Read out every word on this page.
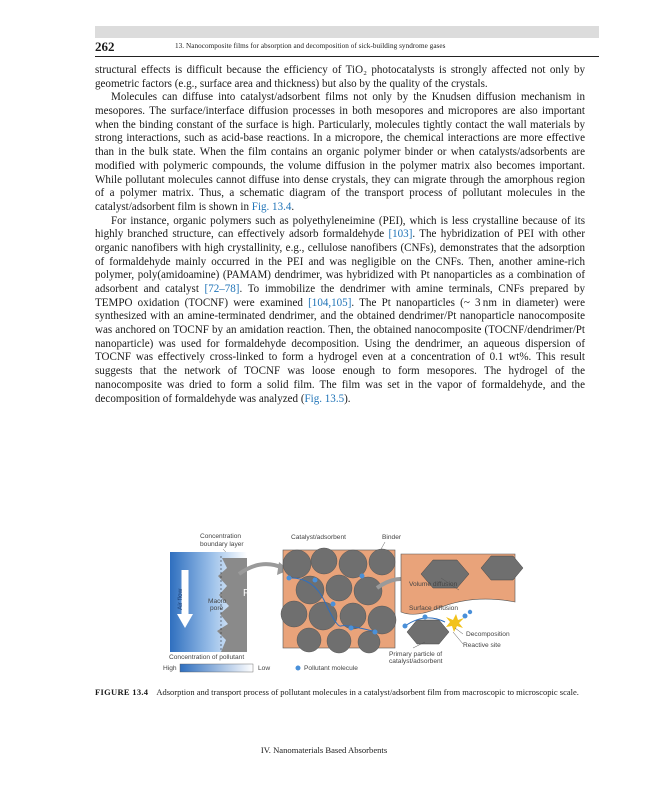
262	13. Nanocomposite films for absorption and decomposition of sick-building syndrome gases

structural effects is difficult because the efficiency of TiO₂ photocatalysts is strongly affected not only by geometric factors (e.g., surface area and thickness) but also by the quality of the crystals.

Molecules can diffuse into catalyst/adsorbent films not only by the Knudsen diffusion mechanism in mesopores. The surface/interface diffusion processes in both mesopores and micropores are also important when the binding constant of the surface is high. Particularly, molecules tightly contact the wall materials by strong interactions, such as acid-base reactions. In a micropore, the chemical interactions are more effective than in the bulk state. When the film contains an organic polymer binder or when catalysts/adsorbents are modified with polymeric compounds, the volume diffusion in the polymer matrix also becomes important. While pollutant molecules cannot diffuse into dense crystals, they can migrate through the amorphous region of a polymer matrix. Thus, a schematic diagram of the transport process of pollutant molecules in the catalyst/adsorbent film is shown in Fig. 13.4.

For instance, organic polymers such as polyethyleneimine (PEI), which is less crystalline because of its highly branched structure, can effectively adsorb formaldehyde [103]. The hybridization of PEI with other organic nanofibers with high crystallinity, e.g., cellulose nanofibers (CNFs), demonstrates that the adsorption of formaldehyde mainly occurred in the PEI and was negligible on the CNFs. Then, another amine-rich polymer, poly(amidoamine) (PAMAM) dendrimer, was hybridized with Pt nanoparticles as a combination of adsorbent and catalyst [72–78]. To immobilize the dendrimer with amine terminals, CNFs prepared by TEMPO oxidation (TOCNF) were examined [104,105]. The Pt nanoparticles (~ 3 nm in diameter) were synthesized with an amine-terminated dendrimer, and the obtained dendrimer/Pt nanoparticle nanocomposite was anchored on TOCNF by an amidation reaction. Then, the obtained nanocomposite (TOCNF/dendrimer/Pt nanoparticle) was used for formaldehyde decomposition. Using the dendrimer, an aqueous dispersion of TOCNF was effectively cross-linked to form a hydrogel even at a concentration of 0.1 wt%. This result suggests that the network of TOCNF was loose enough to form mesopores. The hydrogel of the nanocomposite was dried to form a solid film. The film was set in the vapor of formaldehyde, and the decomposition of formaldehyde was analyzed (Fig. 13.5).

Concentration
boundary layer
Catalyst/adsorbent	Binder
Film
Macro
pore
Air flow
Concentration of pollutant
High	Low
Volume diffusion
Surface diffusion
Decomposition
Reactive site
Primary particle of
catalyst/adsorbent
Pollutant molecule
FIGURE 13.4 Adsorption and transport process of pollutant molecules in a catalyst/adsorbent film from macroscopic to microscopic scale.
IV. Nanomaterials Based Absorbents
